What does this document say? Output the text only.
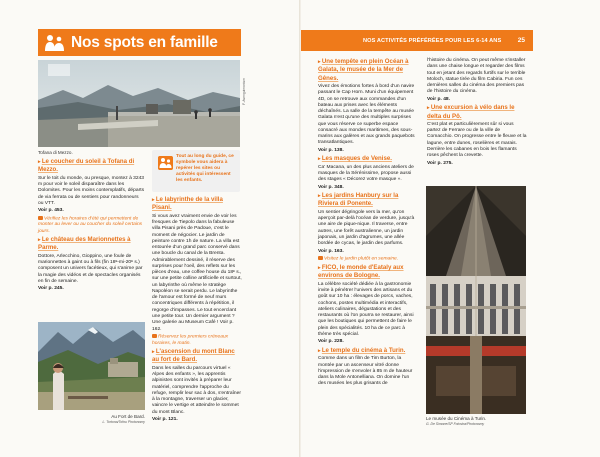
Nos spots en famille
F. Avenguimonium
Tofana di Mezzo.
Tout au long du guide, ce symbole vous aidera à repérer les sites ou activités qui intéressent les enfants.

▸ Le coucher du soleil à Tofana di Mezzo.

Sur le toit du monde, ou presque, montez à 3243 m pour voir le soleil disparaître dans les Dolomites. Pour les moins contemplatifs, départs de via ferrata ou de sentiers pour randonneurs ou VTT.

Voir p. 453.

Vérifiez les horaires d'été qui permettent de monter au lever ou au coucher du soleil certains jours.

▸ Le château des Marionnettes à Parme.

Dottore, Arlecchino, Gioppino, une foule de marionnettes à gaint ou à fils (fin 18ᵉ-mi-20ᵉ s.) composent un univers facétieux, qui s'anime par la magie des vidéos et de spectacles organisés en fin de semaine.

Voir p. 245.

Au Fort de Bard.
L. Tortona/Tofnu Photonomy

▸ Le labyrinthe de la villa Pisani.

Si vous avez vraiment envie de voir les fresques de Tiepolo dans la fabuleuse villa Pisani près de Padoue, c'est le moment de négocier. Le jardin de peinture contre 1h de nature. La villa est entourée d'un grand parc conservé dans une boucle du canal de la Brenta. Admirablement dessiné, il réserve des surprises pour l'oeil, des reflets sur les pièces d'eau, une coffee house du 18ᵉ s., sur une petite colline artificielle et surtout, un labyrinthe où même le stratège Napoléon se serait perdu. Le labyrinthe de l'amour est formé de neuf murs concentriques différents à répétition, il regorge d'impasses. Le tout encerclant une petite tour. Un dernier argument ? Une galerie au Museum Café ! Voir p. 162.

Réservez les premiers créneaux horaires, le matin.

▸ L'ascension du mont Blanc au fort de Bard.

Dans les salles du parcours virtuel « Alpes des enfants », les apprentis alpinistes sont invités à préparer leur matériel, comprendre l'approche du refuge, remplir leur sac à dos, s'entraîner à la montagne, traverser un glacier, vaincre le vertige et atteindre le sommet du mont Blanc.

Voir p. 121.

NOS ACTIVITÉS PRÉFÉRÉES POUR LES 6-14 ANS	25

▸ Une tempête en plein Océan à Galata, le musée de la Mer de Gênes.

Vivez des émotions fortes à bord d'un navire passant le Cap Horn. Muni d'un équipement 4D, on se retrouve aux commandes d'un bateau aux prises avec les éléments déchaînés. La salle de la tempête au musée Galata n'est qu'une des multiples surprises que vous réserve ce superbe espace consacré aux mondes maritimes, des sous-marins aux galères et aux grands paquebots transatlantiques.

Voir p. 138.

▸ Les masques de Venise.

Ca' Macana, un des plus anciens ateliers de masques de la Sérénissime, propose aussi des stages « Décorez votre masque ».

Voir p. 348.

▸ Les jardins Hanbury sur la Riviera di Ponente.

Un sentier dégringole vers la mer, qu'on aperçoit par-delà l'océan de verdure, jusqu'à une aire de pique-nique. Il traverse, entre autres, une forêt australienne, un jardin japonais, un jardin d'agrumes, une allée bordée de cycas, le jardin des parfums.

Voir p. 163.

Visitez le jardin plutôt en semaine.

▸ FICO, le monde d'Eataly aux environs de Bologne.

La célèbre société dédiée à la gastronomie invite à pénétrer l'univers des artisans et du goût sur 10 ha : élevages de porcs, vaches, cochons, postes multimédia et interactifs, ateliers culinaires, dégustations et des restaurants où l'on pourra se restaurer, ainsi que les boutiques qui permettent de faire le plein des spécialités. 10 ha de ce parc à thème très spécial.

Voir p. 228.

▸ Le temple du cinéma à Turin.

Comme dans un film de Tim Burton, la montée par un ascenseur vitré donne l'impression de s'envoler à 85 m de hauteur dans la Mole Antonelliana. On domine l'un des musées les plus grisants de

l'histoire du cinéma. On peut même s'installer dans une chaise longue et regarder des films tout en jetant des regards furtifs sur le terrible Moloch, statue tirée du film Cabiria. Fun ces dernières salles du cinéma des premiers pas de l'histoire du cinéma.

Voir p. 48.

▸ Une excursion à vélo dans le delta du Pô.

C'est plat et particulièrement sûr si vous partez de Ferrare ou de la ville de Comacchio. On progresse entre le fleuve et la lagune, entre dunes, roselières et marais. Derrière les cabanes en bois les flamants roses pêchent la crevette.

Voir p. 275.

Le musée du Cinéma à Turin.
G. De Simone/SP Fotostra/Photonomy
